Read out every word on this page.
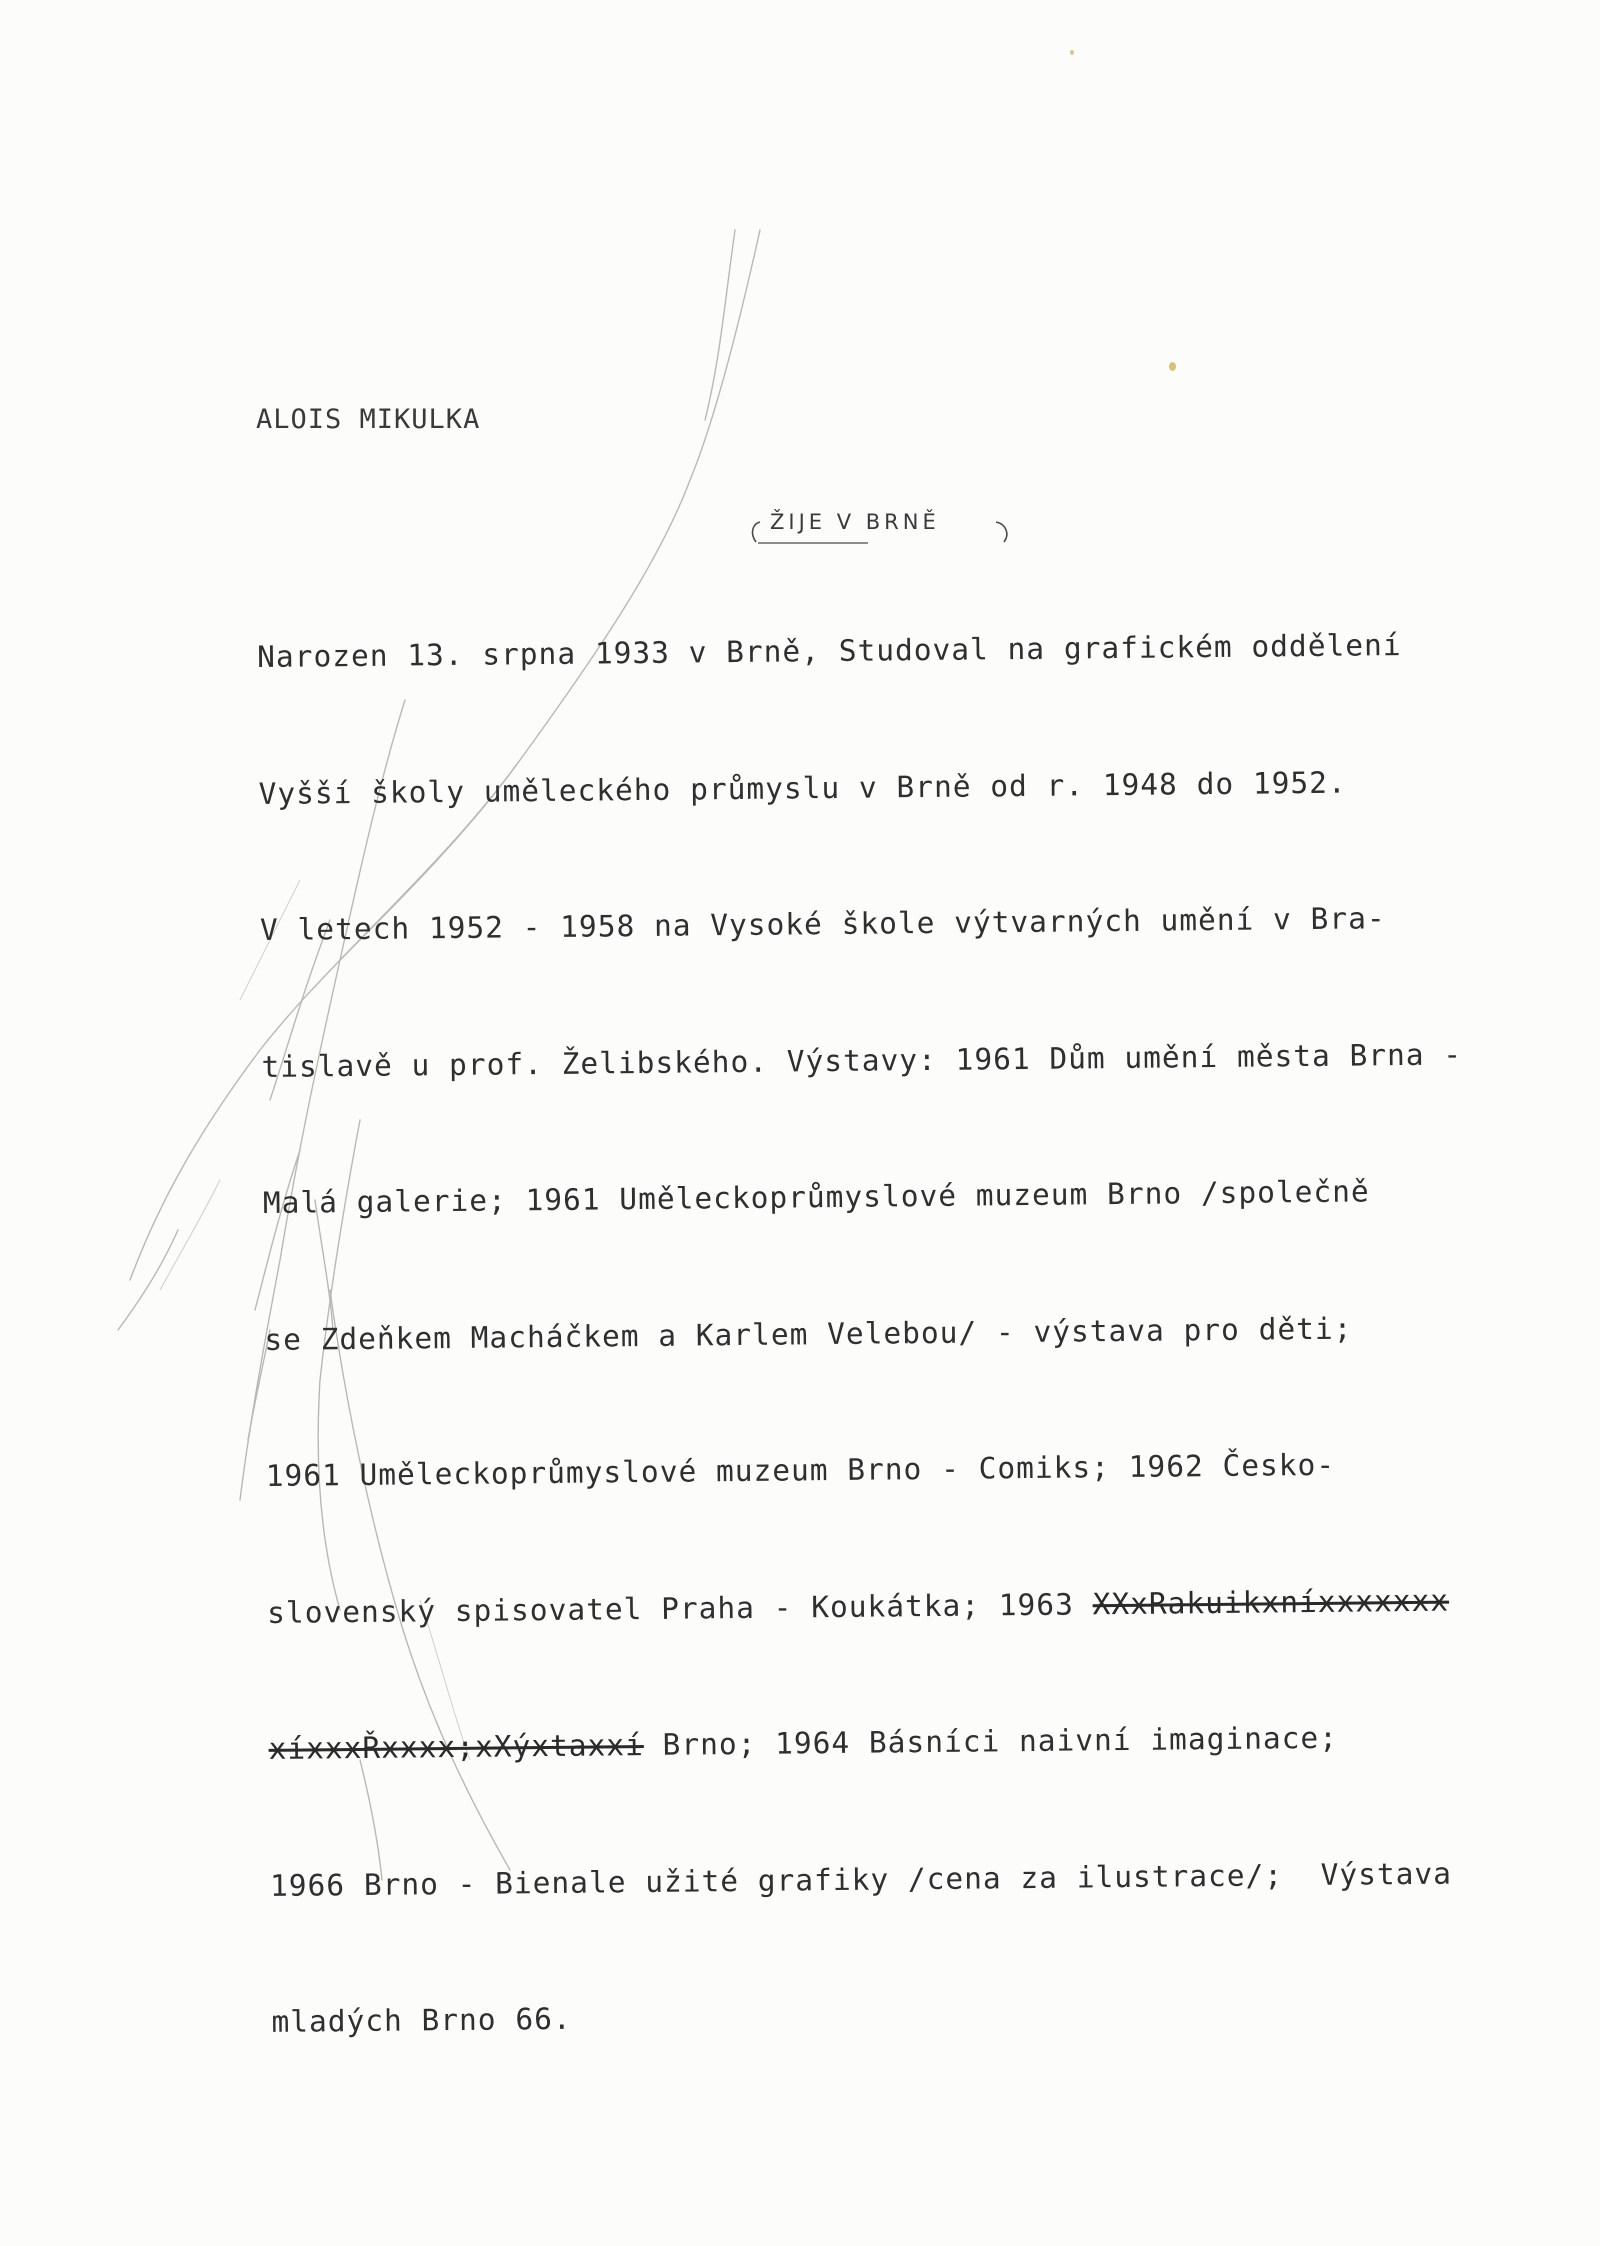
ALOIS MIKULKA
ŽIJE V BRNĚ

Narozen 13. srpna 1933 v Brně, Studoval na grafickém oddělení

Vyšší školy uměleckého průmyslu v Brně od r. 1948 do 1952.

V letech 1952 - 1958 na Vysoké škole výtvarných umění v Bra-

tislavě u prof. Želibského. Výstavy: 1961 Dům umění města Brna -

Malá galerie; 1961 Uměleckoprůmyslové muzeum Brno /společně

se Zdeňkem Macháčkem a Karlem Velebou/ - výstava pro děti;

1961 Uměleckoprůmyslové muzeum Brno - Comiks; 1962 Česko-

slovenský spisovatel Praha - Koukátka; 1963 XXxRakuikxníxxxxxxx

xíxxxŘxxxx;xXýxtaxxí Brno; 1964 Básníci naivní imaginace;

1966 Brno - Bienale užité grafiky /cena za ilustrace/;  Výstava

mladých Brno 66.
